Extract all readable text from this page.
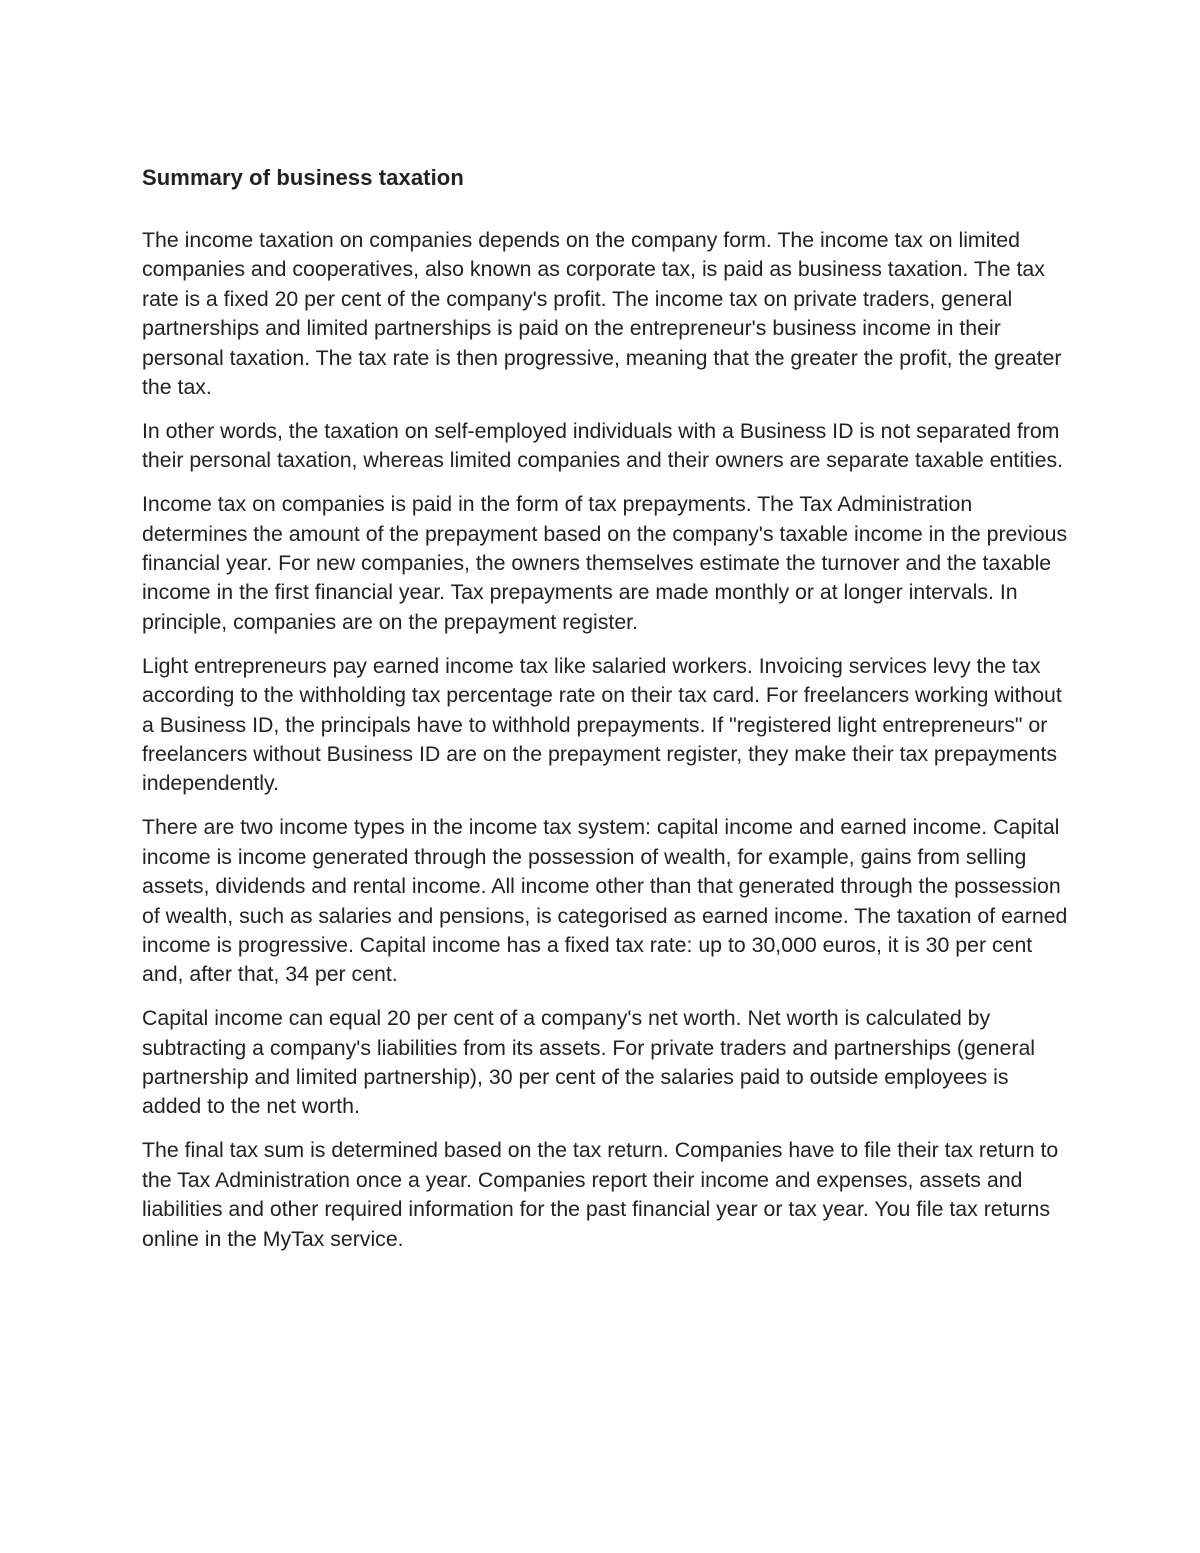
Summary of business taxation

The income taxation on companies depends on the company form. The income tax on limited companies and cooperatives, also known as corporate tax, is paid as business taxation. The tax rate is a fixed 20 per cent of the company's profit. The income tax on private traders, general partnerships and limited partnerships is paid on the entrepreneur's business income in their personal taxation. The tax rate is then progressive, meaning that the greater the profit, the greater the tax.

In other words, the taxation on self-employed individuals with a Business ID is not separated from their personal taxation, whereas limited companies and their owners are separate taxable entities.

Income tax on companies is paid in the form of tax prepayments. The Tax Administration determines the amount of the prepayment based on the company's taxable income in the previous financial year. For new companies, the owners themselves estimate the turnover and the taxable income in the first financial year. Tax prepayments are made monthly or at longer intervals. In principle, companies are on the prepayment register.

Light entrepreneurs pay earned income tax like salaried workers. Invoicing services levy the tax according to the withholding tax percentage rate on their tax card. For freelancers working without a Business ID, the principals have to withhold prepayments. If "registered light entrepreneurs" or freelancers without Business ID are on the prepayment register, they make their tax prepayments independently.

There are two income types in the income tax system: capital income and earned income. Capital income is income generated through the possession of wealth, for example, gains from selling assets, dividends and rental income. All income other than that generated through the possession of wealth, such as salaries and pensions, is categorised as earned income. The taxation of earned income is progressive. Capital income has a fixed tax rate: up to 30,000 euros, it is 30 per cent and, after that, 34 per cent.

Capital income can equal 20 per cent of a company's net worth. Net worth is calculated by subtracting a company's liabilities from its assets. For private traders and partnerships (general partnership and limited partnership), 30 per cent of the salaries paid to outside employees is added to the net worth.

The final tax sum is determined based on the tax return. Companies have to file their tax return to the Tax Administration once a year. Companies report their income and expenses, assets and liabilities and other required information for the past financial year or tax year. You file tax returns online in the MyTax service.
